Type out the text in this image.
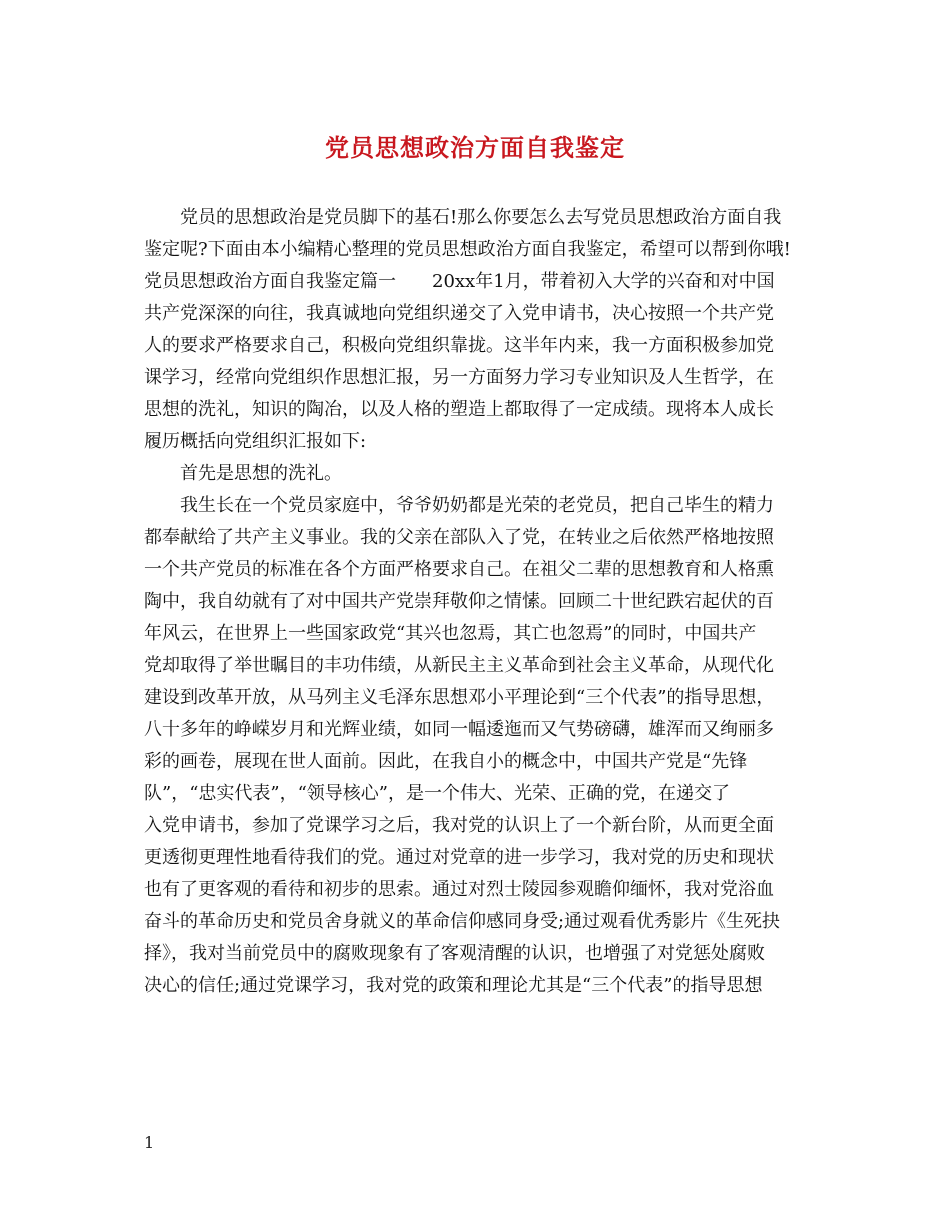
党员思想政治方面自我鉴定
党员的思想政治是党员脚下的基石!那么你要怎么去写党员思想政治方面自我
鉴定呢?下面由本小编精心整理的党员思想政治方面自我鉴定，希望可以帮到你哦!
党员思想政治方面自我鉴定篇一　　20xx年1月，带着初入大学的兴奋和对中国
共产党深深的向往，我真诚地向党组织递交了入党申请书，决心按照一个共产党
人的要求严格要求自己，积极向党组织靠拢。这半年内来，我一方面积极参加党
课学习，经常向党组织作思想汇报，另一方面努力学习专业知识及人生哲学，在
思想的洗礼，知识的陶冶，以及人格的塑造上都取得了一定成绩。现将本人成长
履历概括向党组织汇报如下:
首先是思想的洗礼。
我生长在一个党员家庭中，爷爷奶奶都是光荣的老党员，把自己毕生的精力
都奉献给了共产主义事业。我的父亲在部队入了党，在转业之后依然严格地按照
一个共产党员的标准在各个方面严格要求自己。在祖父二辈的思想教育和人格熏
陶中，我自幼就有了对中国共产党崇拜敬仰之情愫。回顾二十世纪跌宕起伏的百
年风云，在世界上一些国家政党“其兴也忽焉，其亡也忽焉”的同时，中国共产
党却取得了举世瞩目的丰功伟绩，从新民主主义革命到社会主义革命，从现代化
建设到改革开放，从马列主义毛泽东思想邓小平理论到“三个代表”的指导思想，
八十多年的峥嵘岁月和光辉业绩，如同一幅逶迤而又气势磅礴，雄浑而又绚丽多
彩的画卷，展现在世人面前。因此，在我自小的概念中，中国共产党是“先锋
队”，“忠实代表”，“领导核心”，是一个伟大、光荣、正确的党，在递交了
入党申请书，参加了党课学习之后，我对党的认识上了一个新台阶，从而更全面
更透彻更理性地看待我们的党。通过对党章的进一步学习，我对党的历史和现状
也有了更客观的看待和初步的思索。通过对烈士陵园参观瞻仰缅怀，我对党浴血
奋斗的革命历史和党员舍身就义的革命信仰感同身受;通过观看优秀影片《生死抉
择》，我对当前党员中的腐败现象有了客观清醒的认识，也增强了对党惩处腐败
决心的信任;通过党课学习，我对党的政策和理论尤其是“三个代表”的指导思想
1
